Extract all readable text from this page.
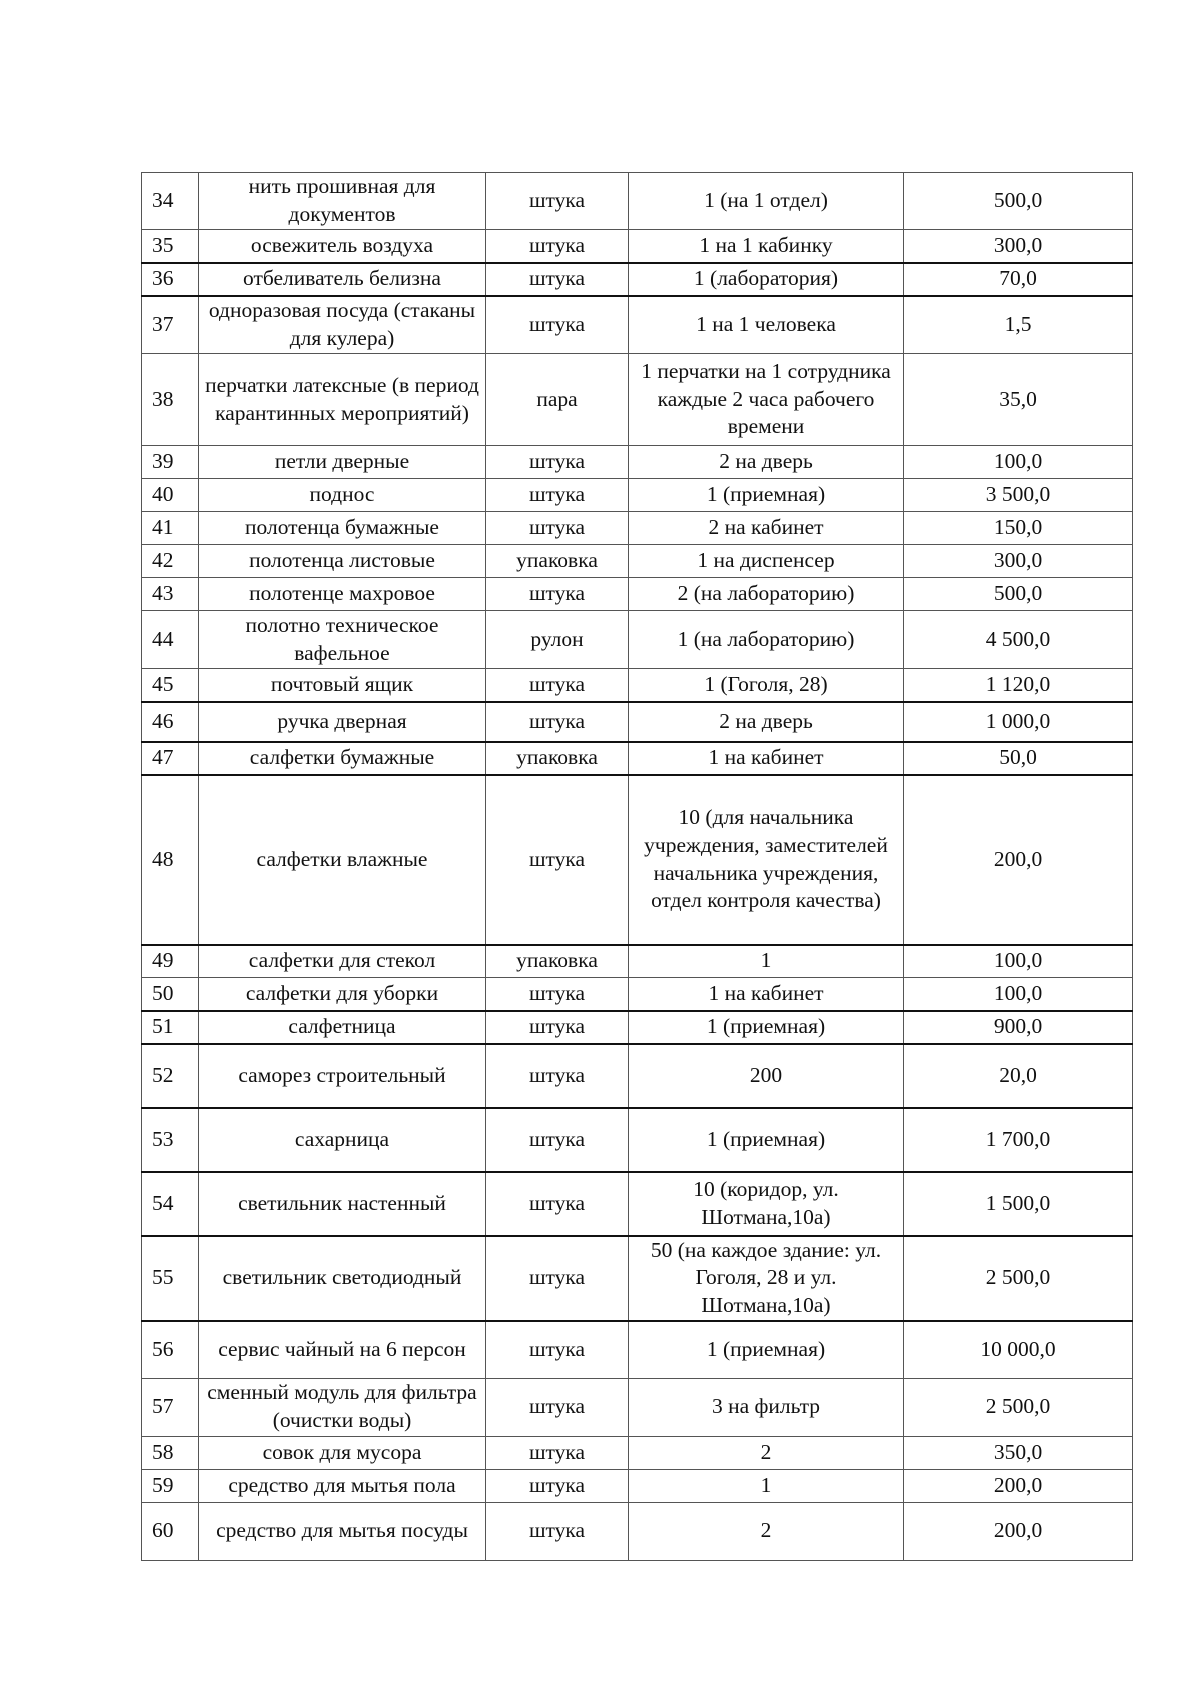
34	нить прошивная для документов	штука	1 (на 1 отдел)	500,0
35	освежитель воздуха	штука	1 на 1 кабинку	300,0
36	отбеливатель белизна	штука	1 (лаборатория)	70,0
37	одноразовая посуда (стаканы для кулера)	штука	1 на 1 человека	1,5
38	перчатки латексные (в период карантинных мероприятий)	пара	1 перчатки на 1 сотрудника каждые 2 часа рабочего времени	35,0
39	петли дверные	штука	2 на дверь	100,0
40	поднос	штука	1 (приемная)	3 500,0
41	полотенца бумажные	штука	2 на кабинет	150,0
42	полотенца листовые	упаковка	1 на диспенсер	300,0
43	полотенце махровое	штука	2 (на лабораторию)	500,0
44	полотно техническое вафельное	рулон	1 (на лабораторию)	4 500,0
45	почтовый ящик	штука	1 (Гоголя, 28)	1 120,0
46	ручка дверная	штука	2 на дверь	1 000,0
47	салфетки бумажные	упаковка	1 на кабинет	50,0
48	салфетки влажные	штука	10 (для начальника учреждения, заместителей начальника учреждения, отдел контроля качества)	200,0
49	салфетки для стекол	упаковка	1	100,0
50	салфетки для уборки	штука	1 на кабинет	100,0
51	салфетница	штука	1 (приемная)	900,0
52	саморез строительный	штука	200	20,0
53	сахарница	штука	1 (приемная)	1 700,0
54	светильник настенный	штука	10 (коридор, ул. Шотмана,10а)	1 500,0
55	светильник светодиодный	штука	50 (на каждое здание: ул. Гоголя, 28 и ул. Шотмана,10а)	2 500,0
56	сервис чайный на 6 персон	штука	1 (приемная)	10 000,0
57	сменный модуль для фильтра (очистки воды)	штука	3 на фильтр	2 500,0
58	совок для мусора	штука	2	350,0
59	средство для мытья пола	штука	1	200,0
60	средство для мытья посуды	штука	2	200,0
